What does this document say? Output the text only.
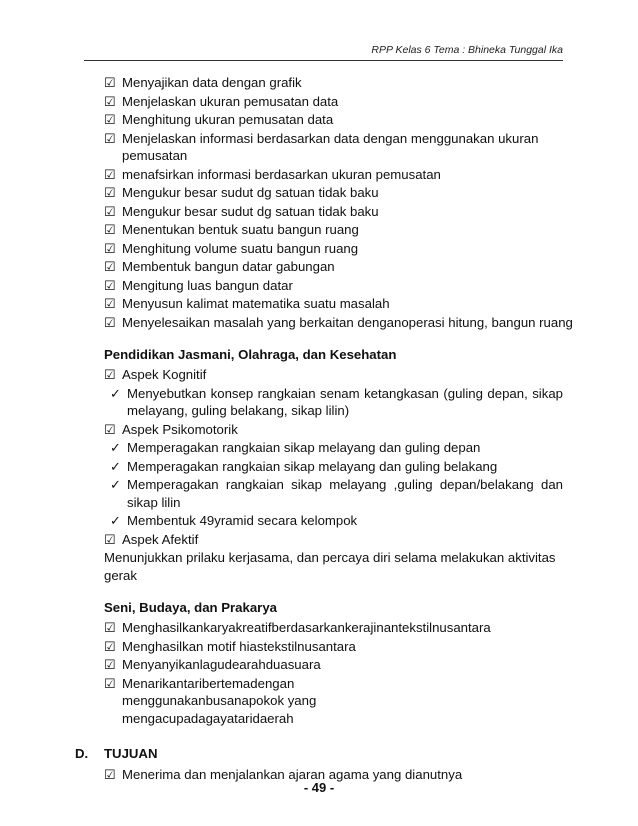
RPP Kelas 6 Tema : Bhineka Tunggal Ika
☑ Menyajikan data dengan grafik
☑ Menjelaskan ukuran pemusatan data
☑ Menghitung ukuran pemusatan data
☑ Menjelaskan informasi berdasarkan data dengan menggunakan ukuran pemusatan
☑ menafsirkan informasi berdasarkan ukuran pemusatan
☑ Mengukur besar sudut dg satuan tidak baku
☑ Mengukur besar sudut dg satuan tidak baku
☑ Menentukan bentuk suatu bangun ruang
☑ Menghitung volume suatu bangun ruang
☑ Membentuk bangun datar gabungan
☑ Mengitung luas bangun datar
☑ Menyusun kalimat matematika suatu masalah
☑ Menyelesaikan masalah yang berkaitan denganoperasi hitung, bangun ruang
Pendidikan Jasmani, Olahraga, dan Kesehatan
☑ Aspek Kognitif
✓ Menyebutkan konsep rangkaian senam ketangkasan (guling depan, sikap melayang, guling belakang, sikap lilin)
☑ Aspek Psikomotorik
✓ Memperagakan rangkaian sikap melayang dan guling depan
✓ Memperagakan rangkaian sikap melayang dan guling belakang
✓ Memperagakan rangkaian sikap melayang ,guling depan/belakang dan sikap lilin
✓ Membentuk 49yramid secara kelompok
☑ Aspek Afektif
Menunjukkan prilaku kerjasama, dan percaya diri selama melakukan aktivitas gerak
Seni, Budaya, dan Prakarya
☑ Menghasilkankaryakreatifberdasarkankerajinantekstilnusantara
☑ Menghasilkan motif hiastekstilnusantara
☑ Menyanyikanlagudearahduasuara
☑ Menarikantaribertemadengan menggunakanbusanapokok yang mengacupadagayataridaerah
D. TUJUAN
☑ Menerima dan menjalankan ajaran agama yang dianutnya
- 49 -
